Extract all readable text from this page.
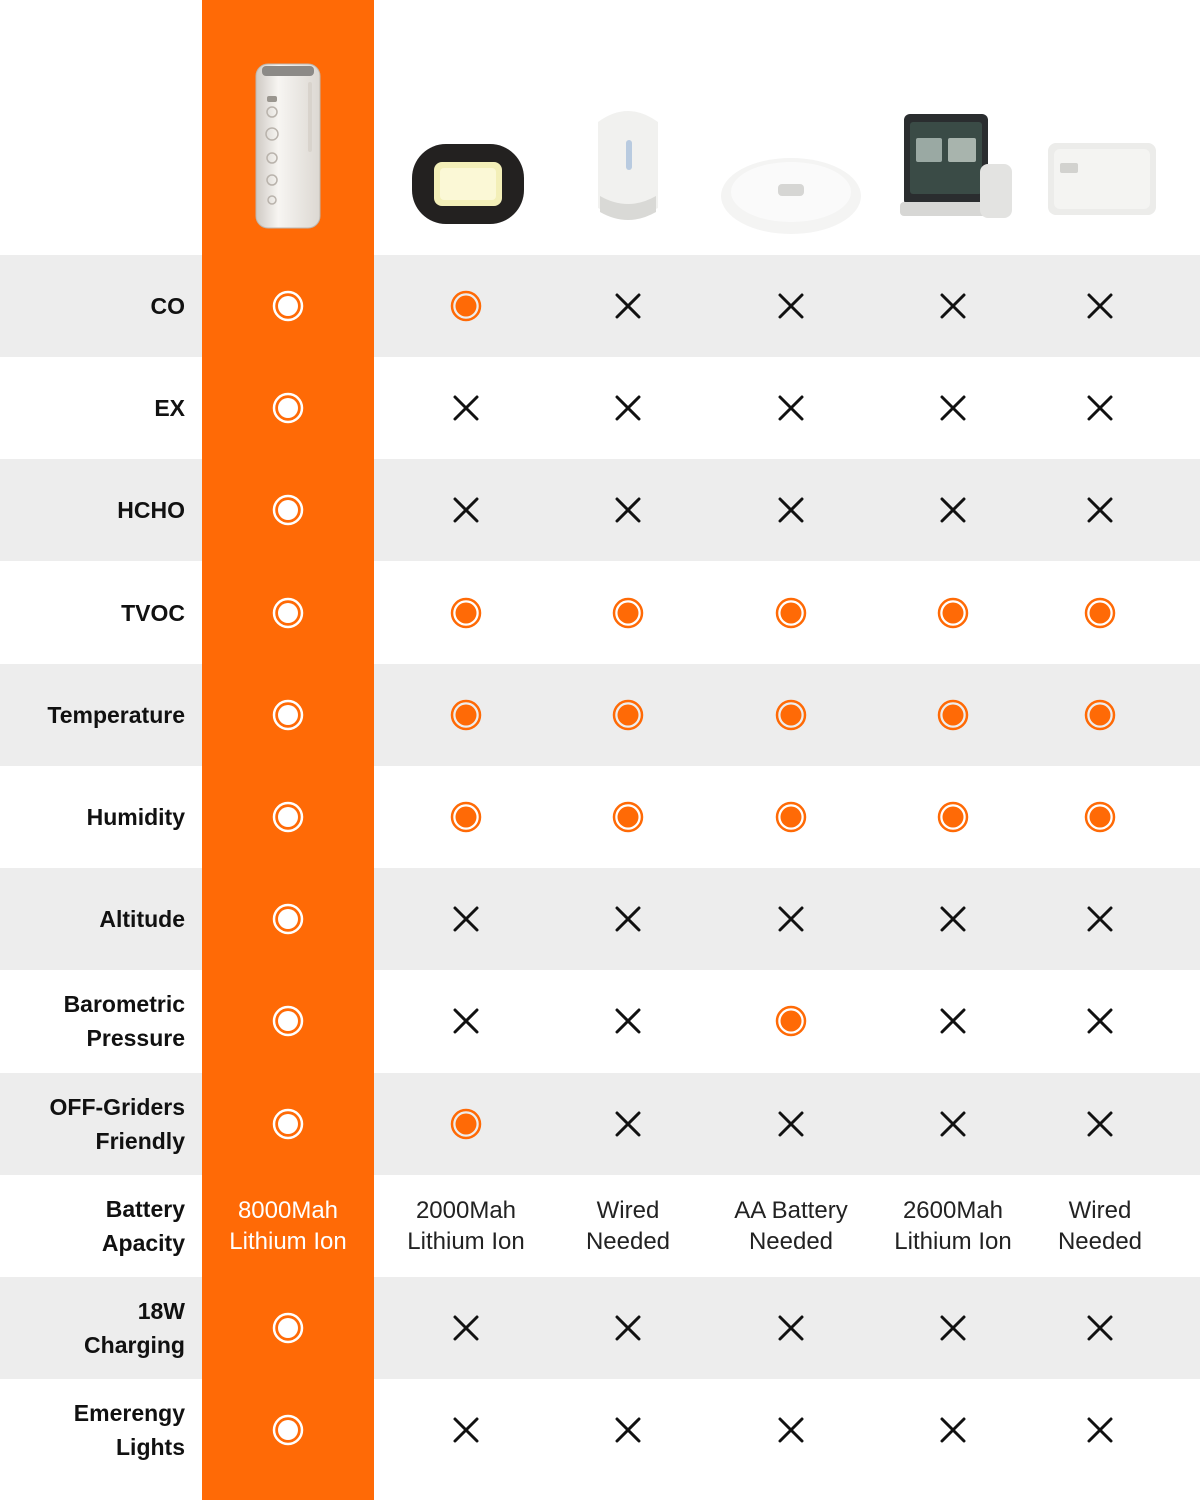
CO
EX
HCHO
TVOC
Temperature
Humidity
Altitude
Barometric
Pressure
OFF-Griders
Friendly
Battery
Apacity
8000Mah
Lithium Ion
2000Mah
Lithium Ion
Wired
Needed
AA Battery
Needed
2600Mah
Lithium Ion
Wired
Needed
18W
Charging
Emerengy
Lights
